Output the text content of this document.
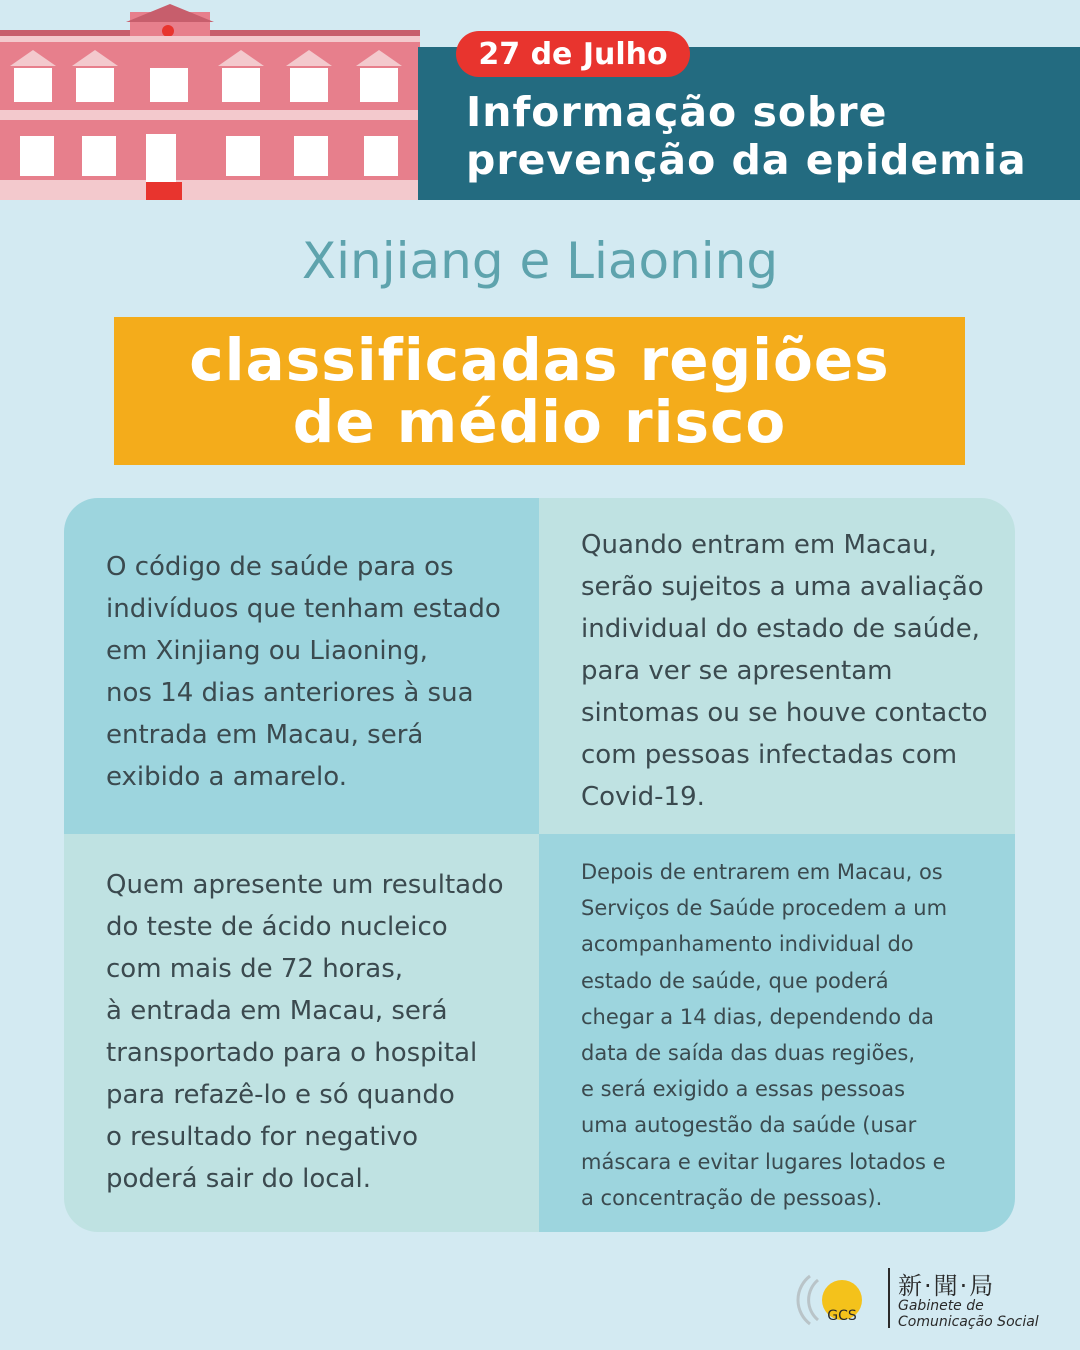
27 de Julho
Informação sobre
prevenção da epidemia
Xinjiang e Liaoning
classificadas regiões
de médio risco

O código de saúde para os
indivíduos que tenham estado
em Xinjiang ou Liaoning,
nos 14 dias anteriores à sua
entrada em Macau, será
exibido a amarelo.

Quando entram em Macau,
serão sujeitos a uma avaliação
individual do estado de saúde,
para ver se apresentam
sintomas ou se houve contacto
com pessoas infectadas com
Covid-19.

Quem apresente um resultado
do teste de ácido nucleico
com mais de 72 horas,
à entrada em Macau, será
transportado para o hospital
para refazê-lo e só quando
o resultado for negativo
poderá sair do local.

Depois de entrarem em Macau, os
Serviços de Saúde procedem a um
acompanhamento individual do
estado de saúde, que poderá
chegar a 14 dias, dependendo da
data de saída das duas regiões,
e será exigido a essas pessoas
uma autogestão da saúde (usar
máscara e evitar lugares lotados e
a concentração de pessoas).

GCS
新·聞·局
Gabinete de
Comunicação Social
